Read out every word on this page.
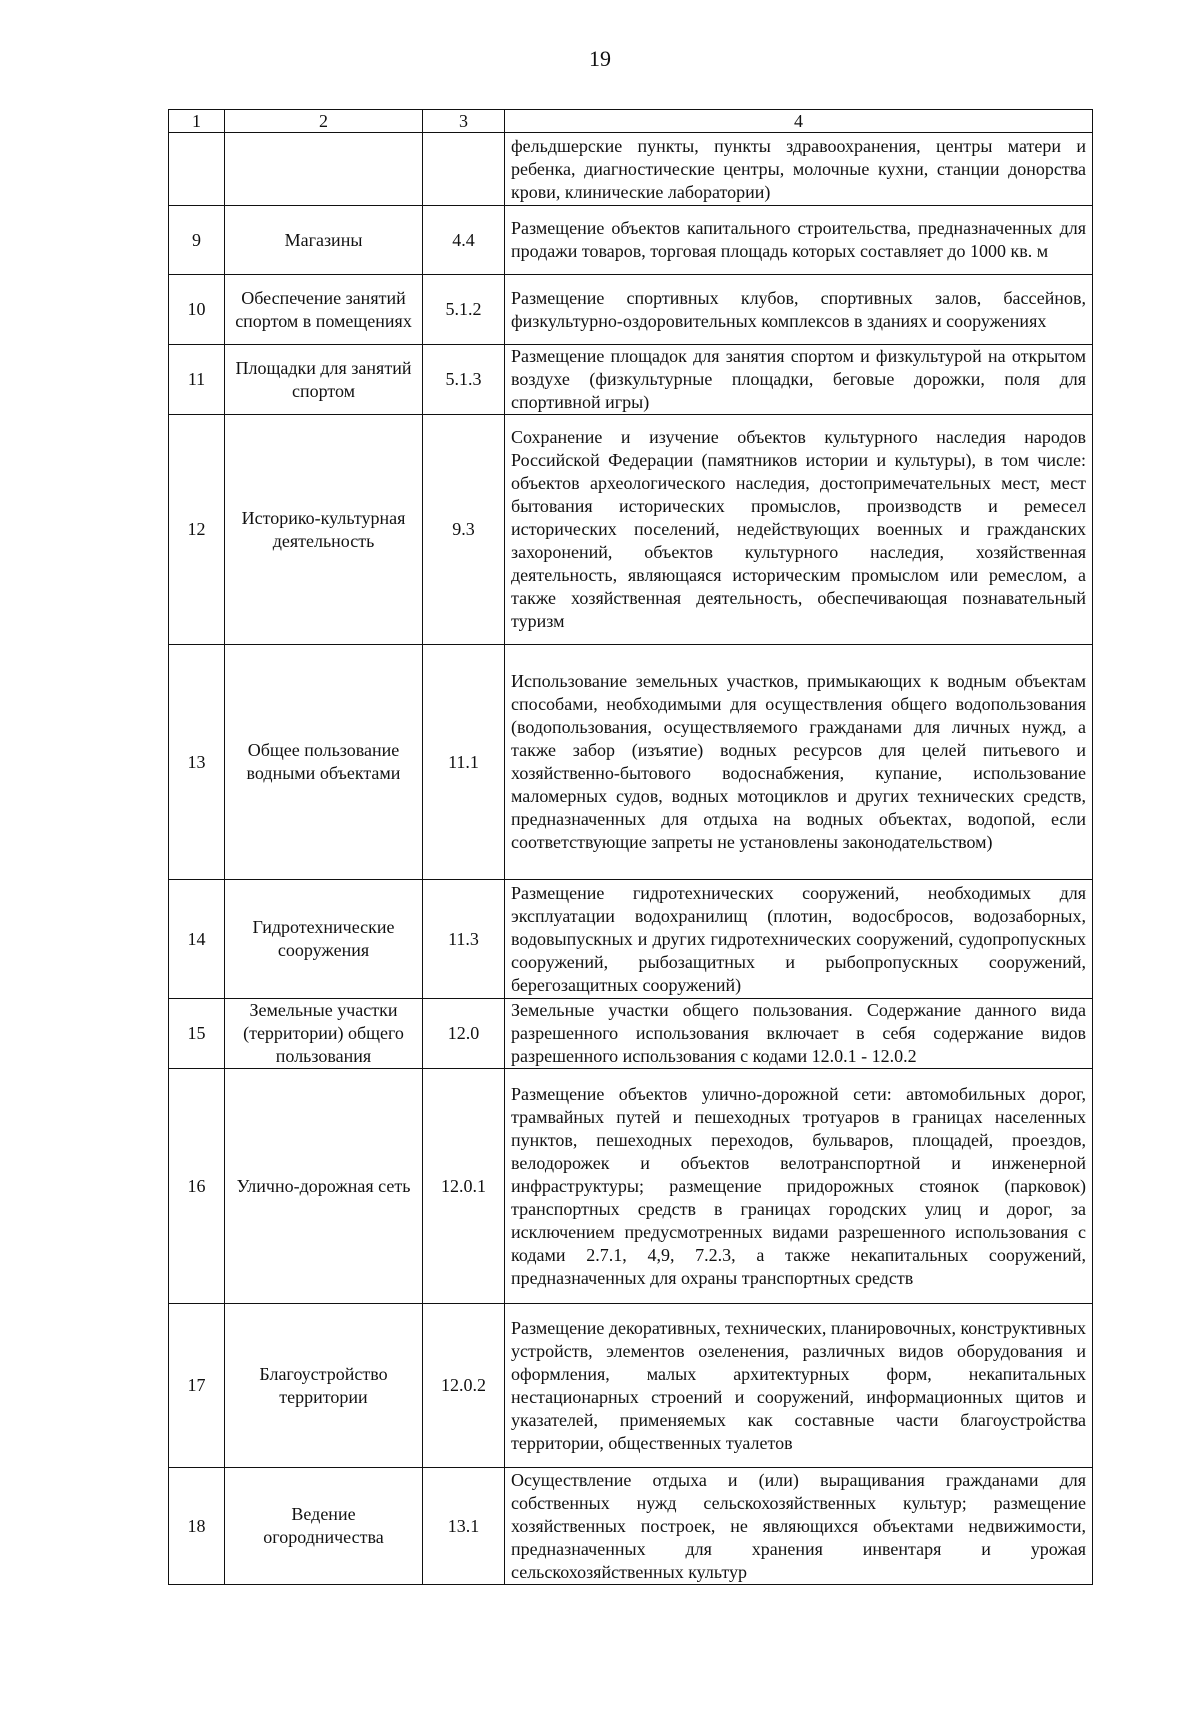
19
1	2	3	4
			фельдшерские пункты, пункты здравоохранения, центры матери и ребенка, диагностические центры, молочные кухни, станции донорства крови, клинические лаборатории)
9	Магазины	4.4	Размещение объектов капитального строительства, предназначенных для продажи товаров, торговая площадь которых составляет до 1000 кв. м
10	Обеспечение занятий спортом в помещениях	5.1.2	Размещение спортивных клубов, спортивных залов, бассейнов, физкультурно-оздоровительных комплексов в зданиях и сооружениях
11	Площадки для занятий спортом	5.1.3	Размещение площадок для занятия спортом и физкультурой на открытом воздухе (физкультурные площадки, беговые дорожки, поля для спортивной игры)
12	Историко-культурная деятельность	9.3	Сохранение и изучение объектов культурного наследия народов Российской Федерации (памятников истории и культуры), в том числе: объектов археологического наследия, достопримечательных мест, мест бытования исторических промыслов, производств и ремесел исторических поселений, недействующих военных и гражданских захоронений, объектов культурного наследия, хозяйственная деятельность, являющаяся историческим промыслом или ремеслом, а также хозяйственная деятельность, обеспечивающая познавательный туризм
13	Общее пользование водными объектами	11.1	Использование земельных участков, примыкающих к водным объектам способами, необходимыми для осуществления общего водопользования (водопользования, осуществляемого гражданами для личных нужд, а также забор (изъятие) водных ресурсов для целей питьевого и хозяйственно-бытового водоснабжения, купание, использование маломерных судов, водных мотоциклов и других технических средств, предназначенных для отдыха на водных объектах, водопой, если соответствующие запреты не установлены законодательством)
14	Гидротехнические сооружения	11.3	Размещение гидротехнических сооружений, необходимых для эксплуатации водохранилищ (плотин, водосбросов, водозаборных, водовыпускных и других гидротехнических сооружений, судопропускных сооружений, рыбозащитных и рыбопропускных сооружений, берегозащитных сооружений)
15	Земельные участки (территории) общего пользования	12.0	Земельные участки общего пользования. Содержание данного вида разрешенного использования включает в себя содержание видов разрешенного использования с кодами 12.0.1 - 12.0.2
16	Улично-дорожная сеть	12.0.1	Размещение объектов улично-дорожной сети: автомобильных дорог, трамвайных путей и пешеходных тротуаров в границах населенных пунктов, пешеходных переходов, бульваров, площадей, проездов, велодорожек и объектов велотранспортной и инженерной инфраструктуры; размещение придорожных стоянок (парковок) транспортных средств в границах городских улиц и дорог, за исключением предусмотренных видами разрешенного использования с кодами 2.7.1, 4,9, 7.2.3, а также некапитальных сооружений, предназначенных для охраны транспортных средств
17	Благоустройство территории	12.0.2	Размещение декоративных, технических, планировочных, конструктивных устройств, элементов озеленения, различных видов оборудования и оформления, малых архитектурных форм, некапитальных нестационарных строений и сооружений, информационных щитов и указателей, применяемых как составные части благоустройства территории, общественных туалетов
18	Ведение огородничества	13.1	Осуществление отдыха и (или) выращивания гражданами для собственных нужд сельскохозяйственных культур; размещение хозяйственных построек, не являющихся объектами недвижимости, предназначенных для хранения инвентаря и урожая сельскохозяйственных культур
